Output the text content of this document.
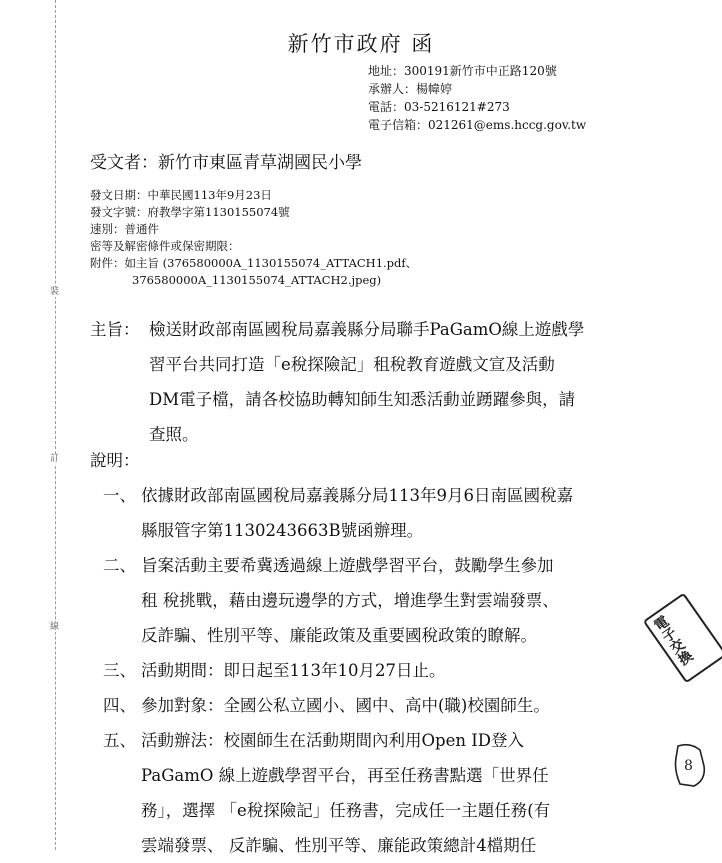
裝
訂
線
新竹市政府 函
地址：300191新竹市中正路120號
承辦人：楊幃婷
電話：03-5216121#273
電子信箱：021261@ems.hccg.gov.tw
受文者：新竹市東區青草湖國民小學
發文日期：中華民國113年9月23日
發文字號：府教學字第1130155074號
速別：普通件
密等及解密條件或保密期限：
附件：如主旨 (376580000A_1130155074_ATTACH1.pdf、
376580000A_1130155074_ATTACH2.jpeg)
主旨： 檢送財政部南區國稅局嘉義縣分局聯手PaGamO線上遊戲學
習平台共同打造「e稅探險記」租稅教育遊戲文宣及活動
DM電子檔，請各校協助轉知師生知悉活動並踴躍參與，請
查照。
說明：
一、 依據財政部南區國稅局嘉義縣分局113年9月6日南區國稅嘉
縣服管字第1130243663B號函辦理。
二、 旨案活動主要希冀透過線上遊戲學習平台，鼓勵學生參加
租 稅挑戰，藉由邊玩邊學的方式，增進學生對雲端發票、
反詐騙、性別平等、廉能政策及重要國稅政策的瞭解。
三、 活動期間：即日起至113年10月27日止。
四、 參加對象：全國公私立國小、國中、高中(職)校園師生。
五、 活動辦法：校園師生在活動期間內利用Open ID登入
PaGamO 線上遊戲學習平台，再至任務書點選「世界任
務」，選擇 「e稅探險記」任務書，完成任一主題任務(有
雲端發票、 反詐騙、性別平等、廉能政策總計4檔期任
電子交換
8
